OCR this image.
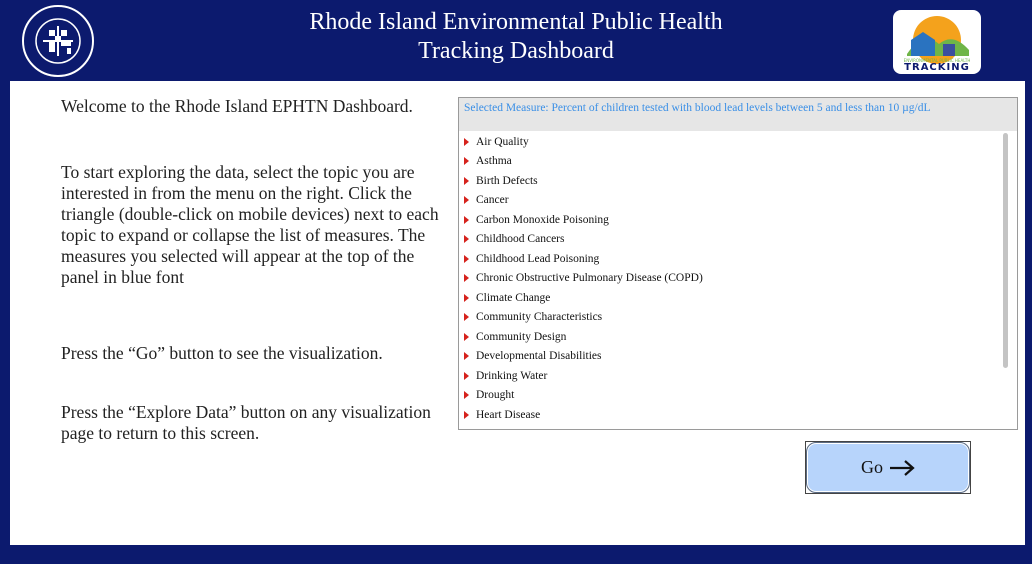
Rhode Island Environmental Public Health
Tracking Dashboard	ENVIRONMENTAL PUBLIC HEALTH
TRACKING

Welcome to the Rhode Island EPHTN Dashboard.

To start exploring the data, select the topic you are interested in from the menu on the right. Click the triangle (double-click on mobile devices) next to each topic to expand or collapse the list of measures. The measures you selected will appear at the top of the panel in blue font

Press the “Go” button to see the visualization.

Press the “Explore Data” button on any visualization page to return to this screen.

Selected Measure: Percent of children tested with blood lead levels between 5 and less than 10 µg/dL
Air Quality
Asthma
Birth Defects
Cancer
Carbon Monoxide Poisoning
Childhood Cancers
Childhood Lead Poisoning
Chronic Obstructive Pulmonary Disease (COPD)
Climate Change
Community Characteristics
Community Design
Developmental Disabilities
Drinking Water
Drought
Heart Disease
Go
